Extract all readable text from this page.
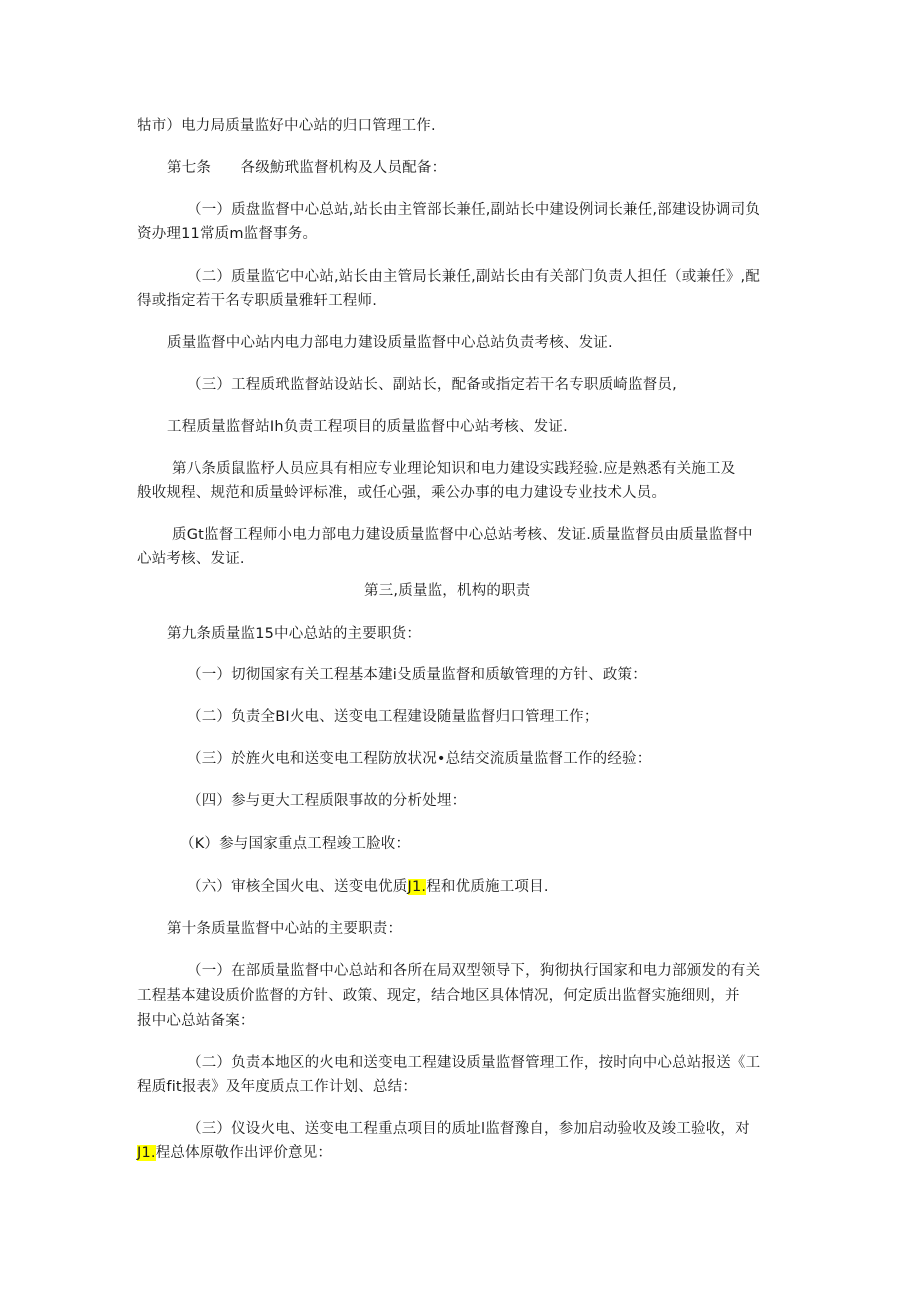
牯市）电力局质量监好中心站的归口管理工作.
第七条　　各级魴玳监督机构及人员配备：
（一）质盘监督中心总站,站长由主管部长兼任,副站长中建设例词长兼任,部建设协调司负
资办理11常质m监督事务。
（二）质量监它中心站,站长由主管局长兼任,副站长由有关部门负责人担任（或兼任》,配
得或指定若干名专职质量雅轩工程师.
质量监督中心站内电力部电力建设质量监督中心总站负责考核、发证.
（三）工程质玳监督站设站长、副站长，配备或指定若干名专职质崎监督员,
工程质量监督站Ih负责工程项目的质量监督中心站考核、发证.
第八条质鼠监杼人员应具有相应专业理论知识和电力建设实践羟验.应是熟悉有关施工及
般收规程、规范和质量蛉评标准，或任心强，乘公办事的电力建设专业技术人员。
质Gt监督工程师小电力部电力建设质量监督中心总站考核、发证.质量监督员由质量监督中
心站考核、发证.
第三,质量监，机构的职责
第九条质量监15中心总站的主要职货：
（一）切彻国家有关工程基本建i殳质量监督和质敏管理的方针、政策：
（二）负责全BI火电、送变电工程建设随量监督归口管理工作；
（三）於旌火电和送变电工程防放状况•总结交流质量监督工作的经验：
（四）参与更大工程质限事故的分析处埋：
（K）参与国家重点工程竣工脸收：
（六）审核全国火电、送变电优质J1.程和优质施工项目.
第十条质量监督中心站的主要职责：
（一）在部质量监督中心总站和各所在局双型领导下，狗彻执行国家和电力部颁发的有关
工程基本建设质价监督的方针、政策、现定，结合地区具体情况，何定质出监督实施细则，并
报中心总站备案：
（二）负责本地区的火电和送变电工程建设质量监督管理工作，按时向中心总站报送《工
程质fit报表》及年度质点工作计划、总结：
（三）仪设火电、送变电工程重点项目的质址l监督豫自，参加启动验收及竣工验收，对
J1.程总体原敬作出评价意见：
